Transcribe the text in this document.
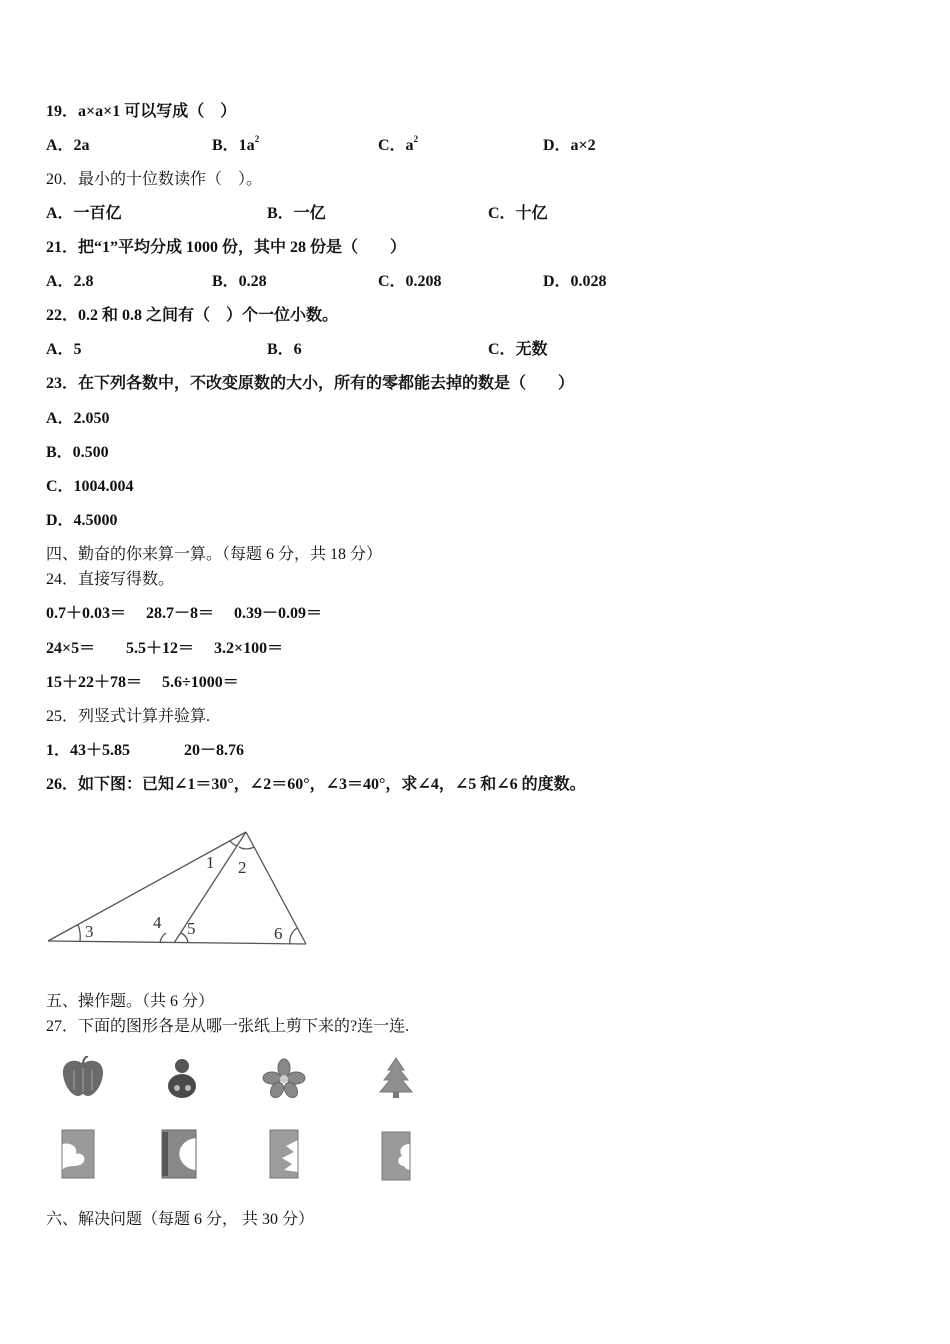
19．a×a×1 可以写成（　）
A．2a	B．$1a^2$	C．$a^2$	D．a×2
20．最小的十位数读作（　）。
A．一百亿	B．一亿	C．十亿
21．把“1”平均分成 1000 份，其中 28 份是（　　）
A．2.8	B．0.28	C．0.208	D．0.028
22．0.2 和 0.8 之间有（　）个一位小数。
A．5	B．6	C．无数
23．在下列各数中，不改变原数的大小，所有的零都能去掉的数是（　　）
A．2.050
B．0.500
C．1004.004
D．4.5000
四、勤奋的你来算一算。（每题 6 分，共 18 分）
24．直接写得数。
0.7＋0.03＝ 28.7－8＝ 0.39－0.09＝
24×5＝ 5.5＋12＝ 3.2×100＝
15＋22＋78＝ 5.6÷1000＝
25．列竖式计算并验算.
1．43＋5.85	20－8.76
26．如下图：已知∠1＝30°，∠2＝60°，∠3＝40°，求∠4，∠5 和∠6 的度数。
1 2
3	4 5	6
五、操作题。（共 6 分）
27．下面的图形各是从哪一张纸上剪下来的?连一连.
六、解决问题（每题 6 分， 共 30 分）
